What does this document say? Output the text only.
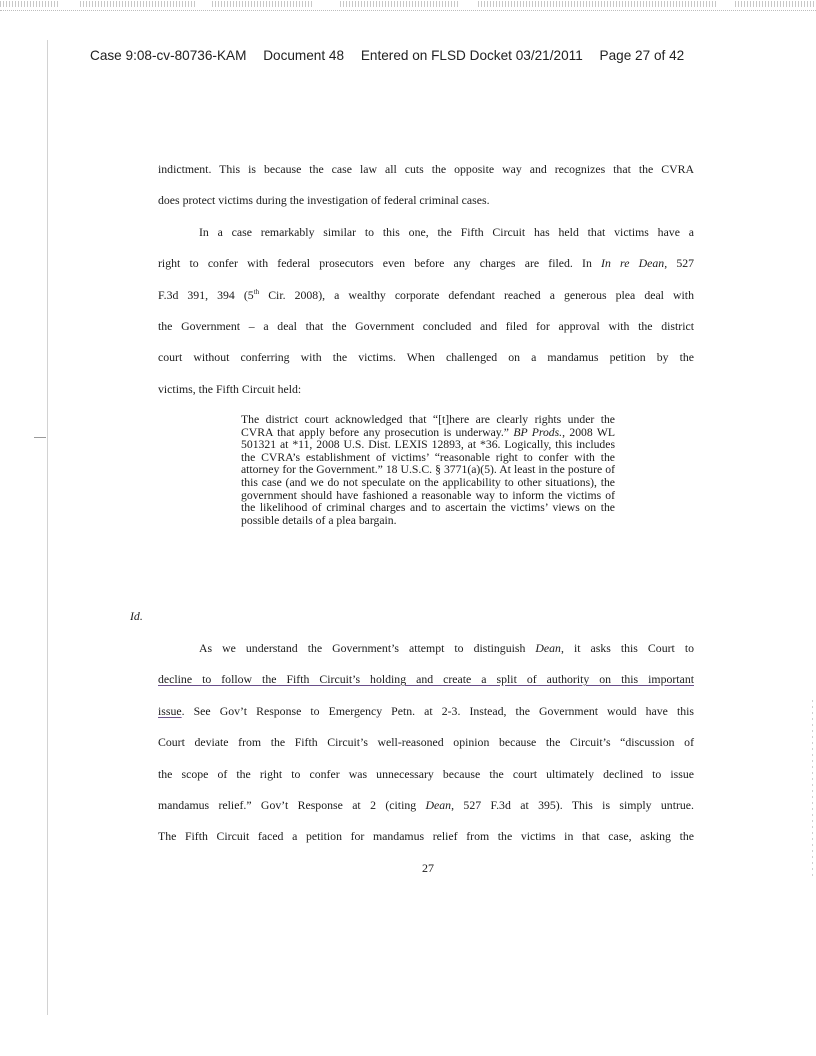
Case 9:08-cv-80736-KAM Document 48 Entered on FLSD Docket 03/21/2011 Page 27 of 42

indictment. This is because the case law all cuts the opposite way and recognizes that the CVRA

does protect victims during the investigation of federal criminal cases.

In a case remarkably similar to this one, the Fifth Circuit has held that victims have a

right to confer with federal prosecutors even before any charges are filed. In In re Dean, 527

F.3d 391, 394 (5th Cir. 2008), a wealthy corporate defendant reached a generous plea deal with

the Government – a deal that the Government concluded and filed for approval with the district

court without conferring with the victims. When challenged on a mandamus petition by the

victims, the Fifth Circuit held:

The district court acknowledged that “[t]here are clearly rights under the CVRA that apply before any prosecution is underway.” BP Prods., 2008 WL 501321 at *11, 2008 U.S. Dist. LEXIS 12893, at *36. Logically, this includes the CVRA’s establishment of victims’ “reasonable right to confer with the attorney for the Government.” 18 U.S.C. § 3771(a)(5). At least in the posture of this case (and we do not speculate on the applicability to other situations), the government should have fashioned a reasonable way to inform the victims of the likelihood of criminal charges and to ascertain the victims’ views on the possible details of a plea bargain.

Id.

As we understand the Government’s attempt to distinguish Dean, it asks this Court to

decline to follow the Fifth Circuit’s holding and create a split of authority on this important

issue. See Gov’t Response to Emergency Petn. at 2-3. Instead, the Government would have this

Court deviate from the Fifth Circuit’s well-reasoned opinion because the Circuit’s “discussion of

the scope of the right to confer was unnecessary because the court ultimately declined to issue

mandamus relief.” Gov’t Response at 2 (citing Dean, 527 F.3d at 395). This is simply untrue.

The Fifth Circuit faced a petition for mandamus relief from the victims in that case, asking the

27
